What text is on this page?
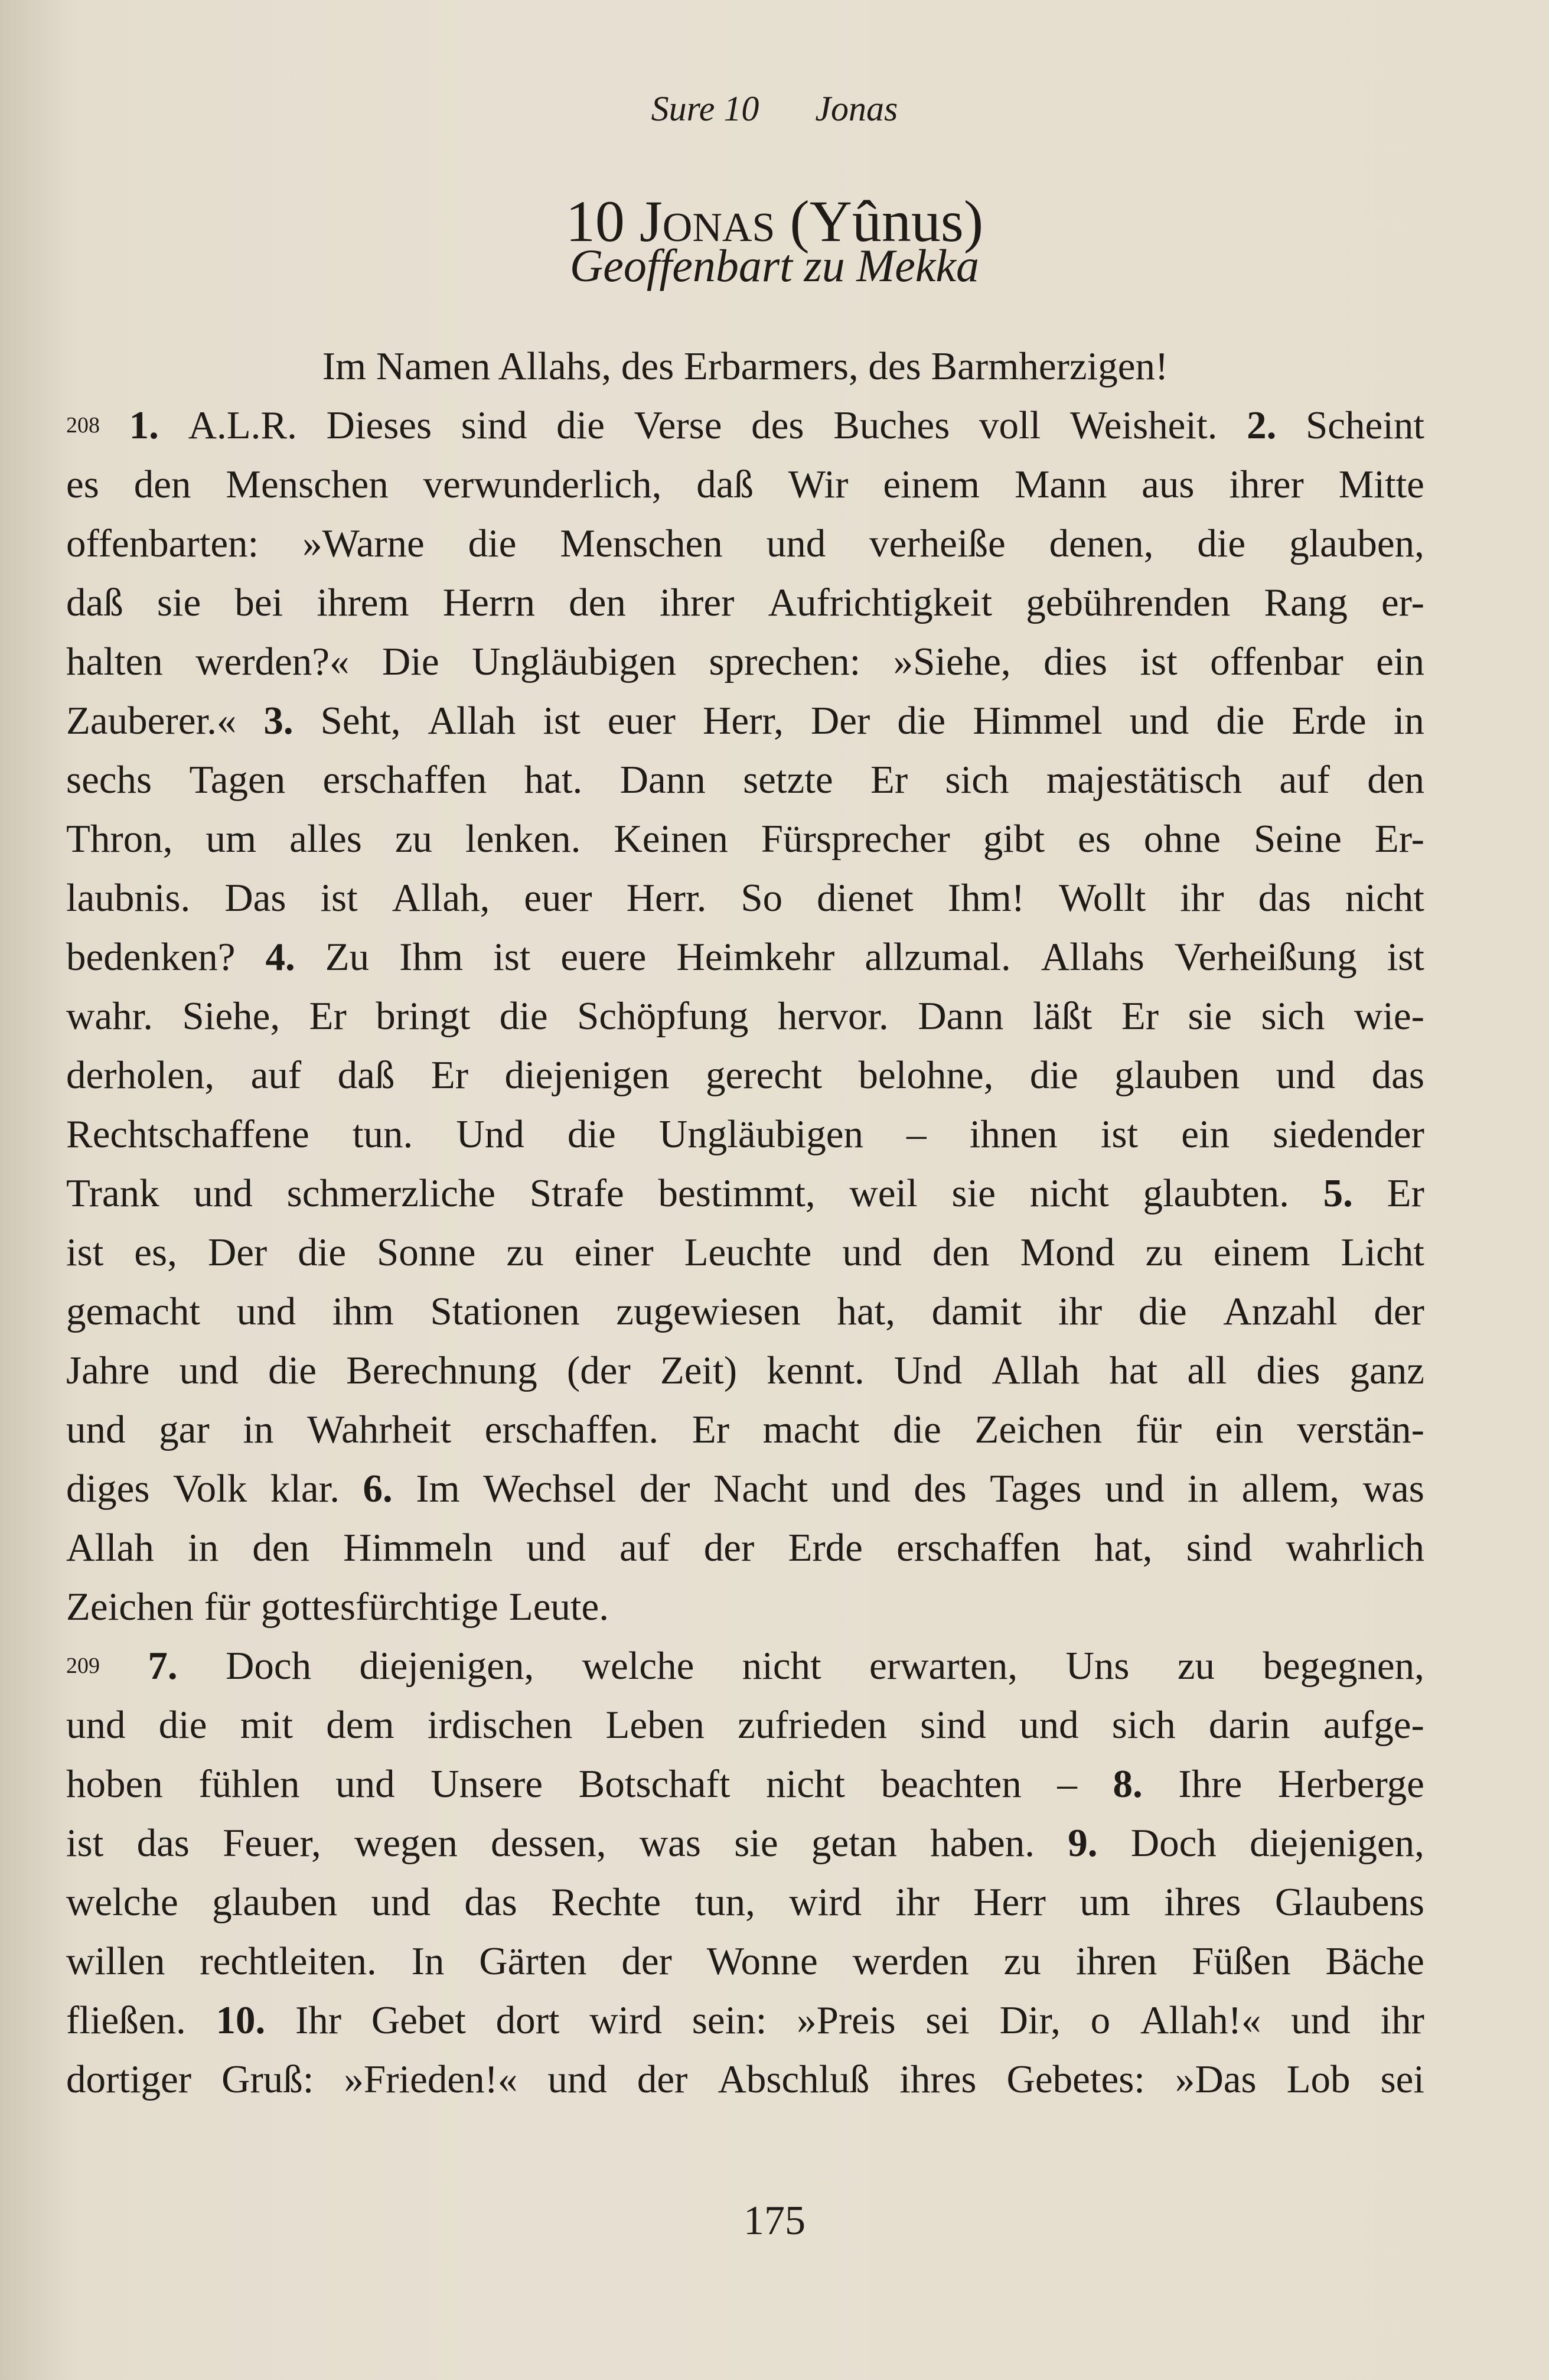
Sure 10 Jonas
10 Jonas (Yûnus)
Geoffenbart zu Mekka
Im Namen Allahs, des Erbarmers, des Barmherzigen!
208 1. A.L.R. Dieses sind die Verse des Buches voll Weisheit. 2. Scheint
es den Menschen verwunderlich, daß Wir einem Mann aus ihrer Mitte
offenbarten: »Warne die Menschen und verheiße denen, die glauben,
daß sie bei ihrem Herrn den ihrer Aufrichtigkeit gebührenden Rang er-
halten werden?« Die Ungläubigen sprechen: »Siehe, dies ist offenbar ein
Zauberer.« 3. Seht, Allah ist euer Herr, Der die Himmel und die Erde in
sechs Tagen erschaffen hat. Dann setzte Er sich majestätisch auf den
Thron, um alles zu lenken. Keinen Fürsprecher gibt es ohne Seine Er-
laubnis. Das ist Allah, euer Herr. So dienet Ihm! Wollt ihr das nicht
bedenken? 4. Zu Ihm ist euere Heimkehr allzumal. Allahs Verheißung ist
wahr. Siehe, Er bringt die Schöpfung hervor. Dann läßt Er sie sich wie-
derholen, auf daß Er diejenigen gerecht belohne, die glauben und das
Rechtschaffene tun. Und die Ungläubigen – ihnen ist ein siedender
Trank und schmerzliche Strafe bestimmt, weil sie nicht glaubten. 5. Er
ist es, Der die Sonne zu einer Leuchte und den Mond zu einem Licht
gemacht und ihm Stationen zugewiesen hat, damit ihr die Anzahl der
Jahre und die Berechnung (der Zeit) kennt. Und Allah hat all dies ganz
und gar in Wahrheit erschaffen. Er macht die Zeichen für ein verstän-
diges Volk klar. 6. Im Wechsel der Nacht und des Tages und in allem, was
Allah in den Himmeln und auf der Erde erschaffen hat, sind wahrlich
Zeichen für gottesfürchtige Leute.
209 7. Doch diejenigen, welche nicht erwarten, Uns zu begegnen,
und die mit dem irdischen Leben zufrieden sind und sich darin aufge-
hoben fühlen und Unsere Botschaft nicht beachten – 8. Ihre Herberge
ist das Feuer, wegen dessen, was sie getan haben. 9. Doch diejenigen,
welche glauben und das Rechte tun, wird ihr Herr um ihres Glaubens
willen rechtleiten. In Gärten der Wonne werden zu ihren Füßen Bäche
fließen. 10. Ihr Gebet dort wird sein: »Preis sei Dir, o Allah!« und ihr
dortiger Gruß: »Frieden!« und der Abschluß ihres Gebetes: »Das Lob sei
175
